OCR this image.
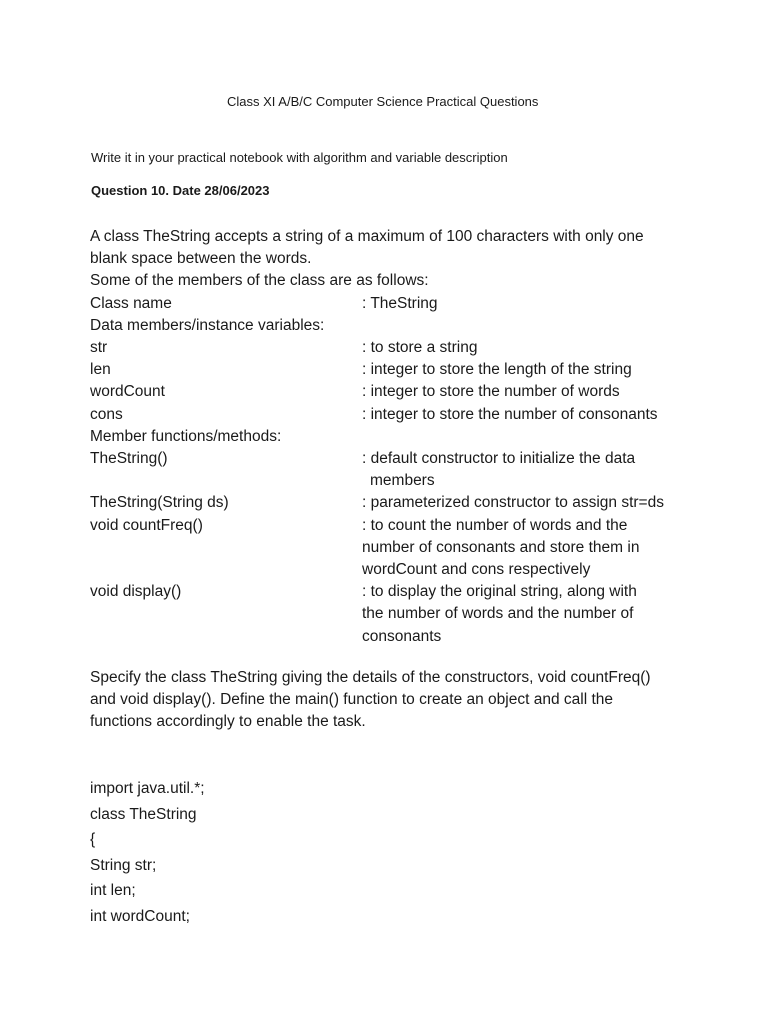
Class XI A/B/C Computer Science Practical Questions
Write it in your practical notebook with algorithm and variable description
Question 10. Date 28/06/2023
A class TheString accepts a string of a maximum of 100 characters with only one
blank space between the words.
Some of the members of the class are as follows:
Class name	: TheString
Data members/instance variables:
str	: to store a string
len	: integer to store the length of the string
wordCount	: integer to store the number of words
cons	: integer to store the number of consonants
Member functions/methods:
TheString()	: default constructor to initialize the data
members
TheString(String ds)	: parameterized constructor to assign str=ds
void countFreq()	: to count the number of words and the
number of consonants and store them in
wordCount and cons respectively
void display()	: to display the original string, along with
the number of words and the number of
consonants
Specify the class TheString giving the details of the constructors, void countFreq()
and void display(). Define the main() function to create an object and call the
functions accordingly to enable the task.
import java.util.*;
class TheString
{
String str;
int len;
int wordCount;
